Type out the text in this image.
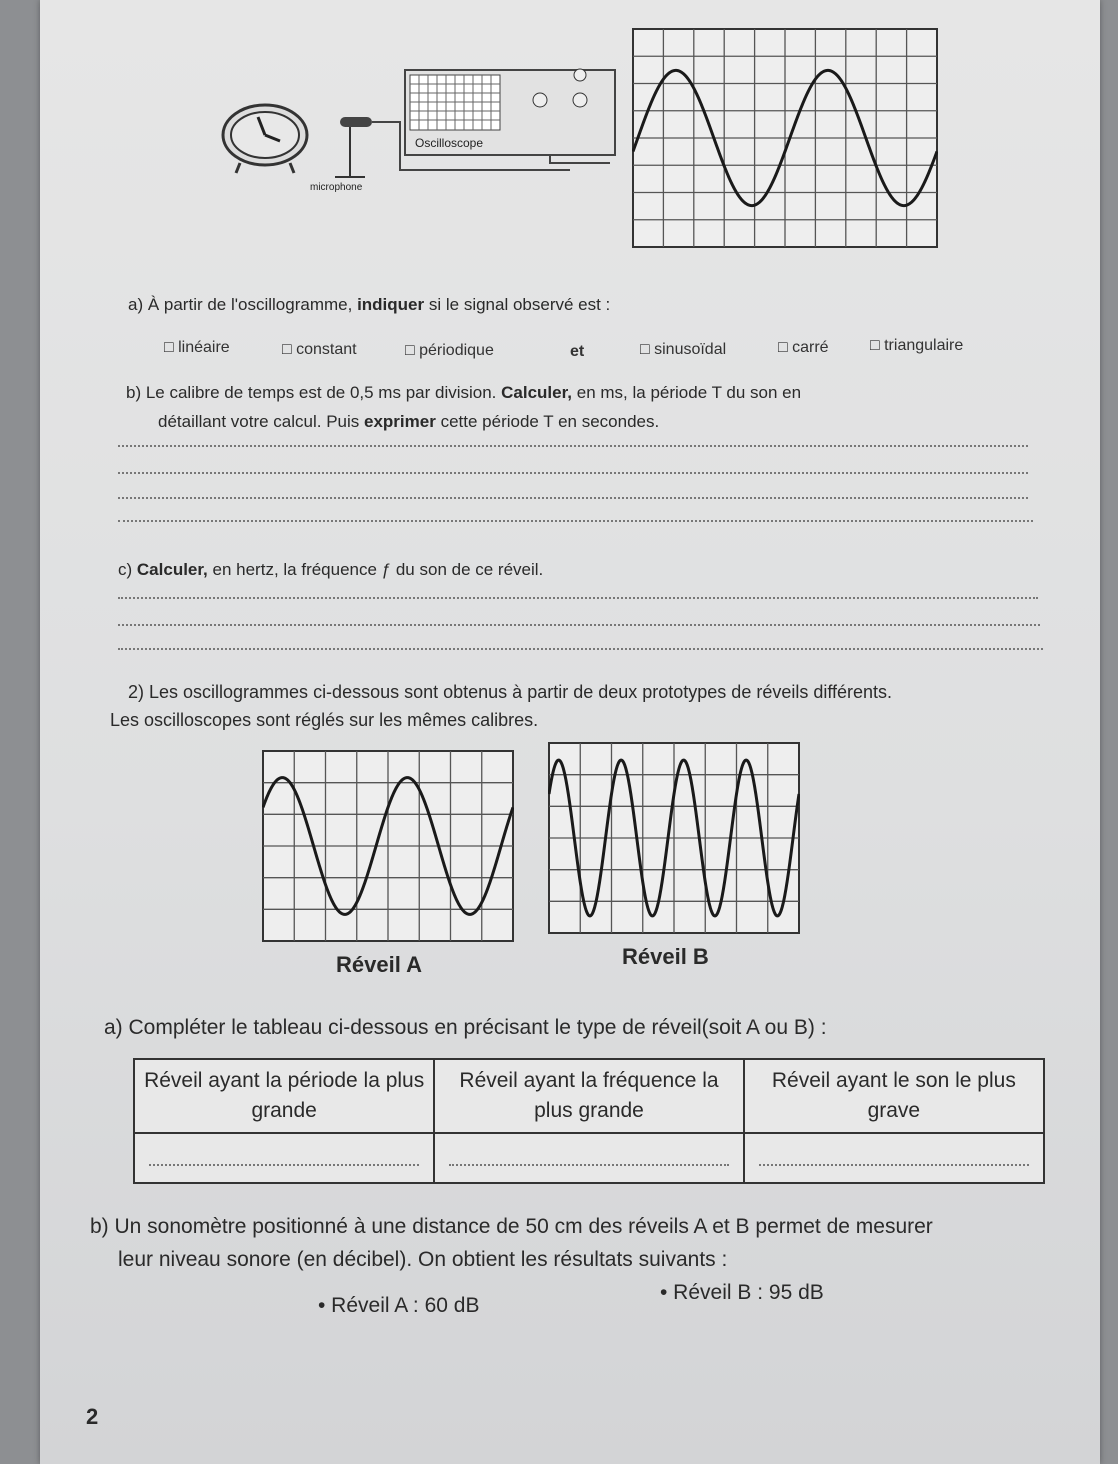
Oscilloscope
microphone
a) À partir de l'oscillogramme, indiquer si le signal observé est :
□ linéaire	□ constant	□ périodique	et	□ sinusoïdal	□ carré	□ triangulaire
b) Le calibre de temps est de 0,5 ms par division. Calculer, en ms, la période T du son en
détaillant votre calcul. Puis exprimer cette période T en secondes.
c) Calculer, en hertz, la fréquence ƒ du son de ce réveil.
2) Les oscillogrammes ci-dessous sont obtenus à partir de deux prototypes de réveils différents.
Les oscilloscopes sont réglés sur les mêmes calibres.
Réveil A	Réveil B
a) Compléter le tableau ci-dessous en précisant le type de réveil(soit A ou B) :
Réveil ayant la période la plus grande	Réveil ayant la fréquence la plus grande	Réveil ayant le son le plus grave

b) Un sonomètre positionné à une distance de 50 cm des réveils A et B permet de mesurer
leur niveau sonore (en décibel). On obtient les résultats suivants :
• Réveil A : 60 dB
• Réveil B : 95 dB
2
